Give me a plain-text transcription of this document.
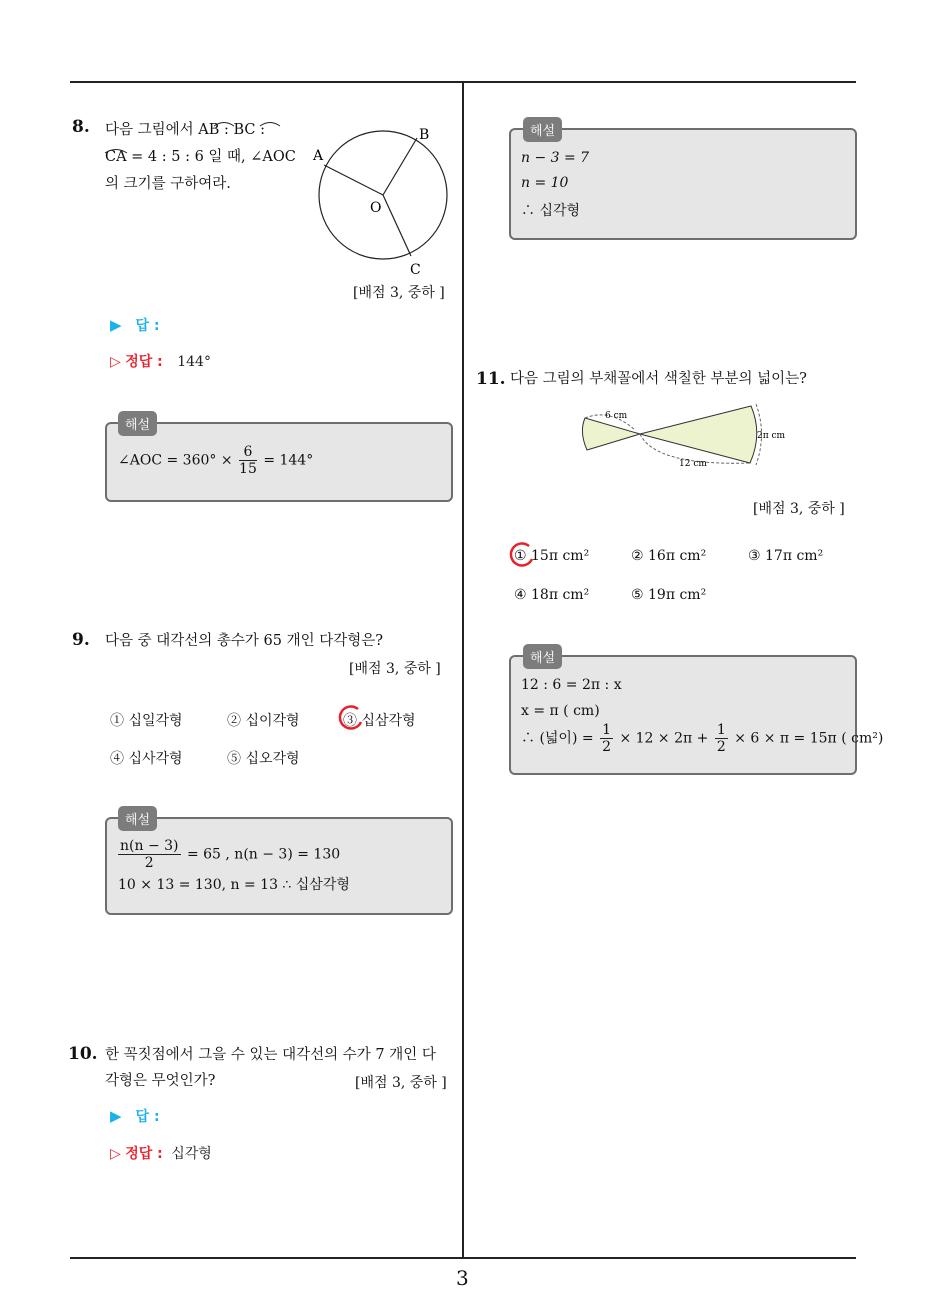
8. 다음 그림에서 AB : BC :
CA = 4 : 5 : 6 일 때, ∠AOC
의 크기를 구하여라.
A
B
C
O
[배점 3, 중하 ]
▶ 답 :
▷ 정답 : 144°
해설
∠AOC = $360^\circ \times \frac{6}{15} = 144^\circ$
9. 다음 중 대각선의 총수가 65 개인 다각형은?
[배점 3, 중하 ]
① 십일각형	② 십이각형	③ 십삼각형
④ 십사각형	⑤ 십오각형
해설
$\frac{n(n - 3)}{2} = 65$ , n(n − 3) = 130
10 × 13 = 130, n = 13 ∴ 십삼각형
10. 한 꼭짓점에서 그을 수 있는 대각선의 수가 7 개인 다
각형은 무엇인가?	[배점 3, 중하 ]
▶ 답 :
▷ 정답 : 십각형
해설
n − 3 = 7
n = 10
∴ 십각형
11. 다음 그림의 부채꼴에서 색칠한 부분의 넓이는?
6 cm
12 cm
2π cm
[배점 3, 중하 ]
① 15π cm²	② 16π cm²	③ 17π cm²
④ 18π cm²	⑤ 19π cm²
해설
12 : 6 = 2π : x
x = π ( cm)
∴ (넓이) = $\frac{1}{2} \times 12 \times 2\pi + \frac{1}{2} \times 6 \times \pi = 15\pi$ ( cm²)
3
